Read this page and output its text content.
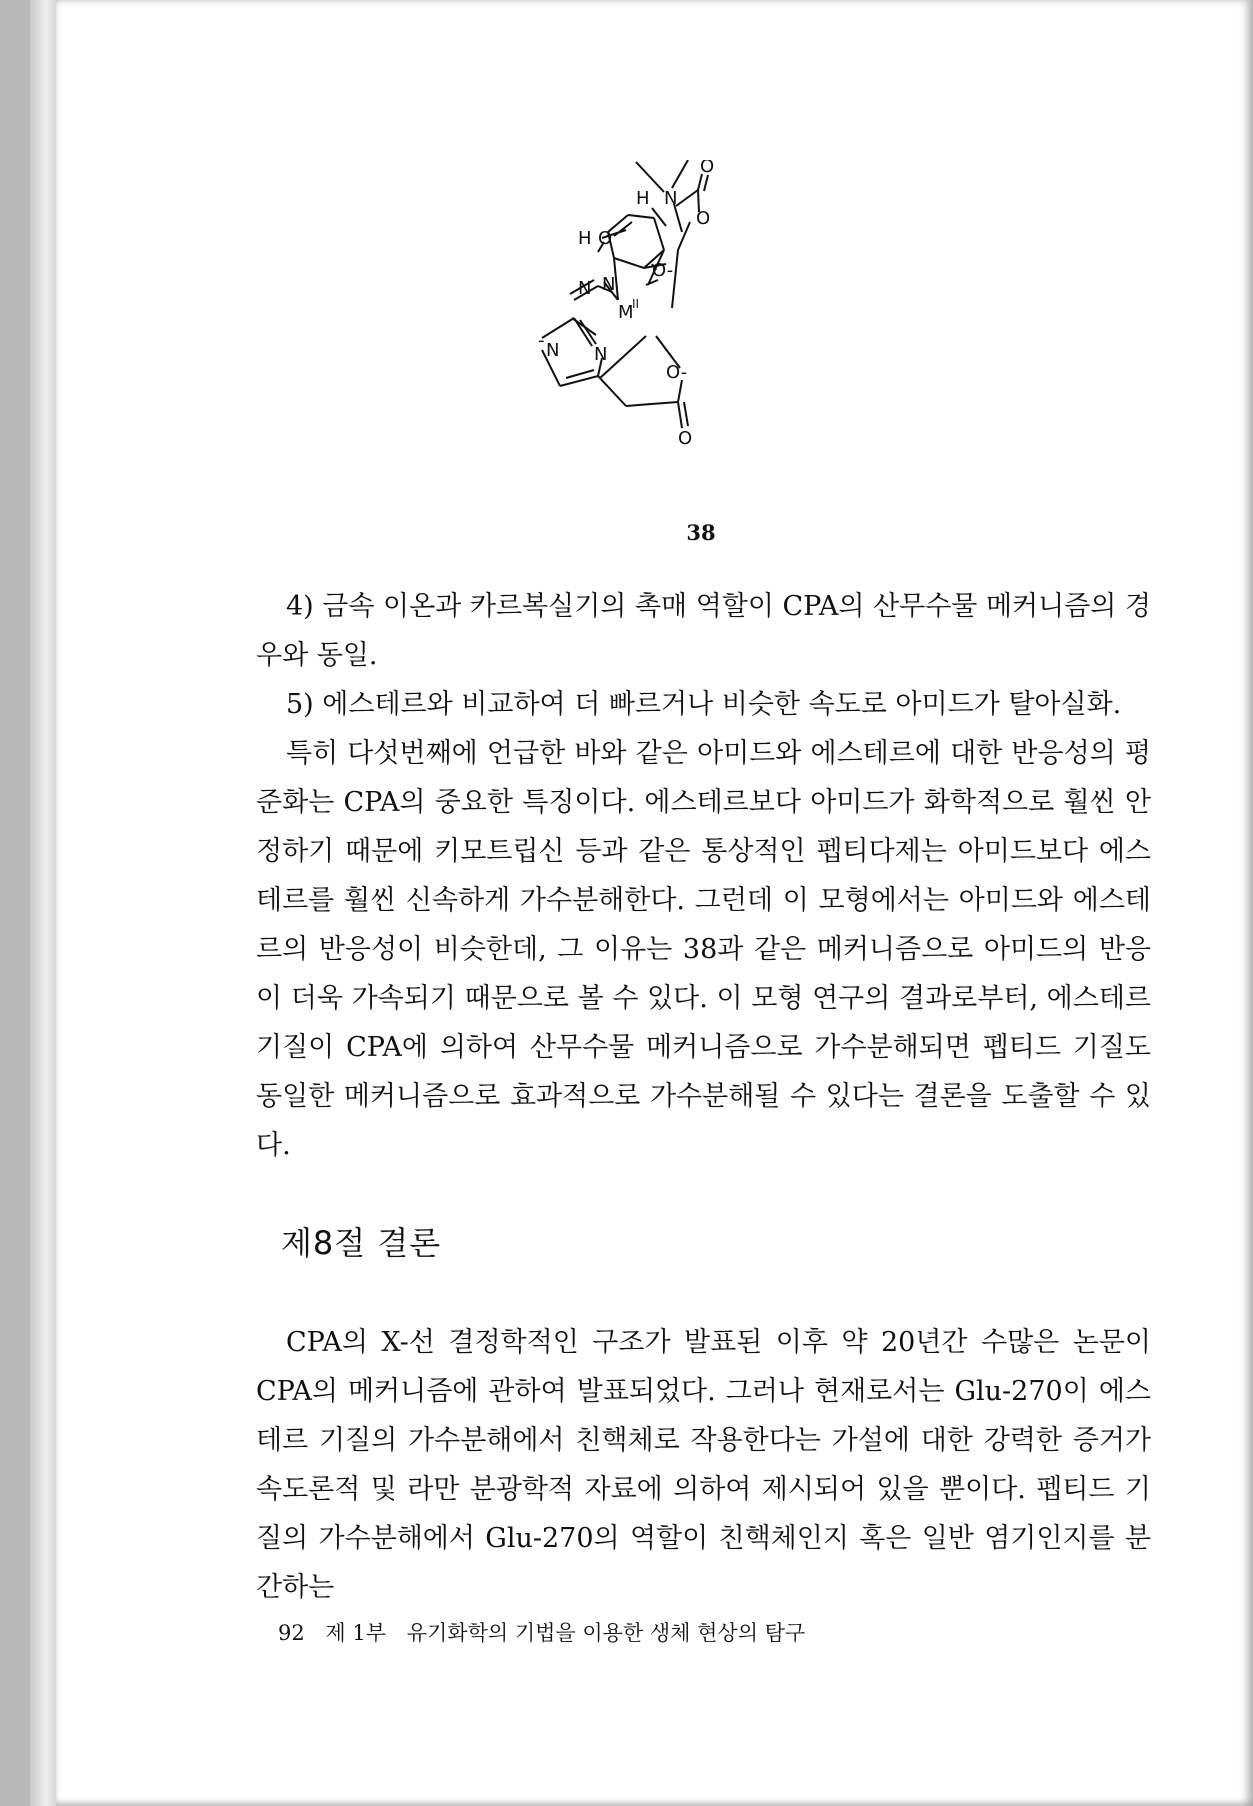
N
O
O
H
H O
O-
N N
M
II
N
N
O-
O
-
38

4) 금속 이온과 카르복실기의 촉매 역할이 CPA의 산무수물 메커니즘의 경우와 동일.

5) 에스테르와 비교하여 더 빠르거나 비슷한 속도로 아미드가 탈아실화.

특히 다섯번째에 언급한 바와 같은 아미드와 에스테르에 대한 반응성의 평준화는 CPA의 중요한 특징이다. 에스테르보다 아미드가 화학적으로 훨씬 안정하기 때문에 키모트립신 등과 같은 통상적인 펩티다제는 아미드보다 에스테르를 훨씬 신속하게 가수분해한다. 그런데 이 모형에서는 아미드와 에스테르의 반응성이 비슷한데, 그 이유는 38과 같은 메커니즘으로 아미드의 반응이 더욱 가속되기 때문으로 볼 수 있다. 이 모형 연구의 결과로부터, 에스테르 기질이 CPA에 의하여 산무수물 메커니즘으로 가수분해되면 펩티드 기질도 동일한 메커니즘으로 효과적으로 가수분해될 수 있다는 결론을 도출할 수 있다.

제8절 결론

CPA의 X-선 결정학적인 구조가 발표된 이후 약 20년간 수많은 논문이 CPA의 메커니즘에 관하여 발표되었다. 그러나 현재로서는 Glu-270이 에스테르 기질의 가수분해에서 친핵체로 작용한다는 가설에 대한 강력한 증거가 속도론적 및 라만 분광학적 자료에 의하여 제시되어 있을 뿐이다. 펩티드 기질의 가수분해에서 Glu-270의 역할이 친핵체인지 혹은 일반 염기인지를 분간하는

92 제 1부 유기화학의 기법을 이용한 생체 현상의 탐구
